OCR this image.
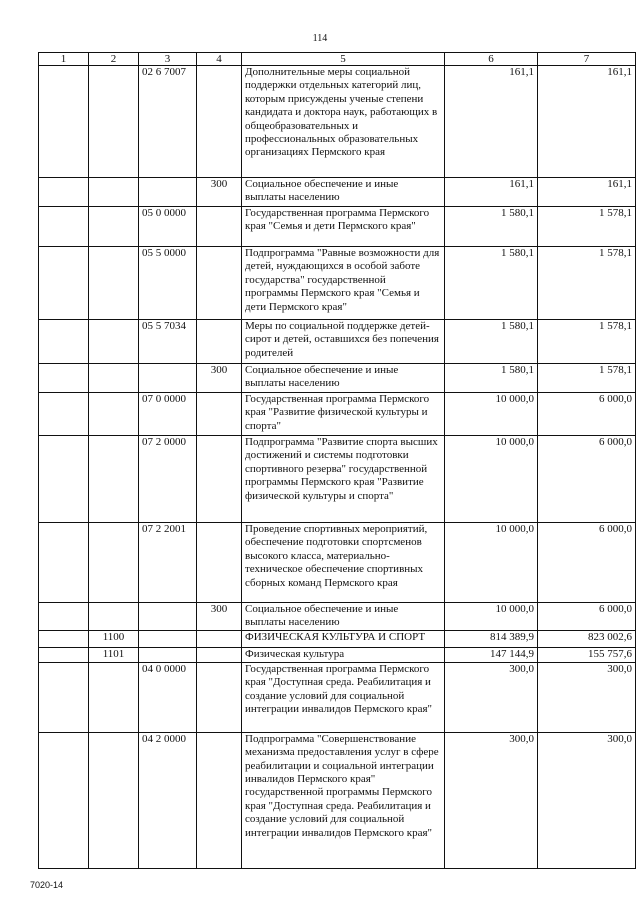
114
1	2	3	4	5	6	7
		02 6 7007		Дополнительные меры социальной поддержки отдельных категорий лиц, которым присуждены ученые степени кандидата и доктора наук, работающих в общеобразовательных и профессиональных образовательных организациях Пермского края	161,1	161,1
			300	Социальное обеспечение и иные выплаты населению	161,1	161,1
		05 0 0000		Государственная программа Пермского края "Семья и дети Пермского края"	1 580,1	1 578,1
		05 5 0000		Подпрограмма "Равные возможности для детей, нуждающихся в особой заботе государства" государственной программы Пермского края "Семья и дети Пермского края"	1 580,1	1 578,1
		05 5 7034		Меры по социальной поддержке детей-сирот и детей, оставшихся без попечения родителей	1 580,1	1 578,1
			300	Социальное обеспечение и иные выплаты населению	1 580,1	1 578,1
		07 0 0000		Государственная программа Пермского края "Развитие физической культуры и спорта"	10 000,0	6 000,0
		07 2 0000		Подпрограмма "Развитие спорта высших достижений и системы подготовки спортивного резерва" государственной программы Пермского края "Развитие физической культуры и спорта"	10 000,0	6 000,0
		07 2 2001		Проведение спортивных мероприятий, обеспечение подготовки спортсменов высокого класса, материально-техническое обеспечение спортивных сборных команд Пермского края	10 000,0	6 000,0
			300	Социальное обеспечение и иные выплаты населению	10 000,0	6 000,0
	1100			ФИЗИЧЕСКАЯ КУЛЬТУРА И СПОРТ	814 389,9	823 002,6
	1101			Физическая культура	147 144,9	155 757,6
		04 0 0000		Государственная программа Пермского края "Доступная среда. Реабилитация и создание условий для социальной интеграции инвалидов Пермского края"	300,0	300,0
		04 2 0000		Подпрограмма "Совершенствование механизма предоставления услуг в сфере реабилитации и социальной интеграции инвалидов Пермского края" государственной программы Пермского края "Доступная среда. Реабилитация и создание условий для социальной интеграции инвалидов Пермского края"	300,0	300,0
7020-14
